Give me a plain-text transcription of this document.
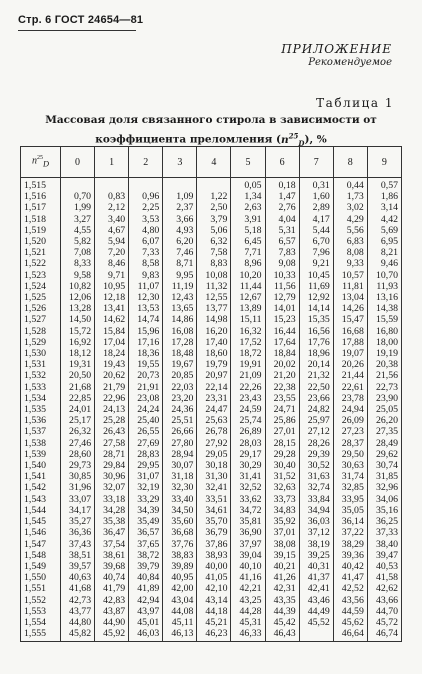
Стр. 6 ГОСТ 24654—81
ПРИЛОЖЕНИЕ
Рекомендуемое
Таблица 1
Массовая доля связанного стирола в зависимости от коэффициента преломления $(n^{25}_D)$, %
$n^{25}_D$	0	1	2	3	4	5	6	7	8	9
1,515						0,05	0,18	0,31	0,44	0,57
1,516	0,70	0,83	0,96	1,09	1,22	1,34	1,47	1,60	1,73	1,86
1,517	1,99	2,12	2,25	2,37	2,50	2,63	2,76	2,89	3,02	3,14
1,518	3,27	3,40	3,53	3,66	3,79	3,91	4,04	4,17	4,29	4,42
1,519	4,55	4,67	4,80	4,93	5,06	5,18	5,31	5,44	5,56	5,69
1,520	5,82	5,94	6,07	6,20	6,32	6,45	6,57	6,70	6,83	6,95
1,521	7,08	7,20	7,33	7,46	7,58	7,71	7,83	7,96	8,08	8,21
1,522	8,33	8,46	8,58	8,71	8,83	8,96	9,08	9,21	9,33	9,46
1,523	9,58	9,71	9,83	9,95	10,08	10,20	10,33	10,45	10,57	10,70
1,524	10,82	10,95	11,07	11,19	11,32	11,44	11,56	11,69	11,81	11,93
1,525	12,06	12,18	12,30	12,43	12,55	12,67	12,79	12,92	13,04	13,16
1,526	13,28	13,41	13,53	13,65	13,77	13,89	14,01	14,14	14,26	14,38
1,527	14,50	14,62	14,74	14,86	14,98	15,11	15,23	15,35	15,47	15,59
1,528	15,72	15,84	15,96	16,08	16,20	16,32	16,44	16,56	16,68	16,80
1,529	16,92	17,04	17,16	17,28	17,40	17,52	17,64	17,76	17,88	18,00
1,530	18,12	18,24	18,36	18,48	18,60	18,72	18,84	18,96	19,07	19,19
1,531	19,31	19,43	19,55	19,67	19,79	19,91	20,02	20,14	20,26	20,38
1,532	20,50	20,62	20,73	20,85	20,97	21,09	21,20	21,32	21,44	21,56
1,533	21,68	21,79	21,91	22,03	22,14	22,26	22,38	22,50	22,61	22,73
1,534	22,85	22,96	23,08	23,20	23,31	23,43	23,55	23,66	23,78	23,90
1,535	24,01	24,13	24,24	24,36	24,47	24,59	24,71	24,82	24,94	25,05
1,536	25,17	25,28	25,40	25,51	25,63	25,74	25,86	25,97	26,09	26,20
1,537	26,32	26,43	26,55	26,66	26,78	26,89	27,01	27,12	27,23	27,35
1,538	27,46	27,58	27,69	27,80	27,92	28,03	28,15	28,26	28,37	28,49
1,539	28,60	28,71	28,83	28,94	29,05	29,17	29,28	29,39	29,50	29,62
1,540	29,73	29,84	29,95	30,07	30,18	30,29	30,40	30,52	30,63	30,74
1,541	30,85	30,96	31,07	31,18	31,30	31,41	31,52	31,63	31,74	31,85
1,542	31,96	32,07	32,19	32,30	32,41	32,52	32,63	32,74	32,85	32,96
1,543	33,07	33,18	33,29	33,40	33,51	33,62	33,73	33,84	33,95	34,06
1,544	34,17	34,28	34,39	34,50	34,61	34,72	34,83	34,94	35,05	35,16
1,545	35,27	35,38	35,49	35,60	35,70	35,81	35,92	36,03	36,14	36,25
1,546	36,36	36,47	36,57	36,68	36,79	36,90	37,01	37,12	37,22	37,33
1,547	37,43	37,54	37,65	37,76	37,86	37,97	38,08	38,19	38,29	38,40
1,548	38,51	38,61	38,72	38,83	38,93	39,04	39,15	39,25	39,36	39,47
1,549	39,57	39,68	39,79	39,89	40,00	40,10	40,21	40,31	40,42	40,53
1,550	40,63	40,74	40,84	40,95	41,05	41,16	41,26	41,37	41,47	41,58
1,551	41,68	41,79	41,89	42,00	42,10	42,21	42,31	42,41	42,52	42,62
1,552	42,73	42,83	42,94	43,04	43,14	43,25	43,35	43,46	43,56	43,66
1,553	43,77	43,87	43,97	44,08	44,18	44,28	44,39	44,49	44,59	44,70
1,554	44,80	44,90	45,01	45,11	45,21	45,31	45,42	45,52	45,62	45,72
1,555	45,82	45,92	46,03	46,13	46,23	46,33	46,43		46,64	46,74
